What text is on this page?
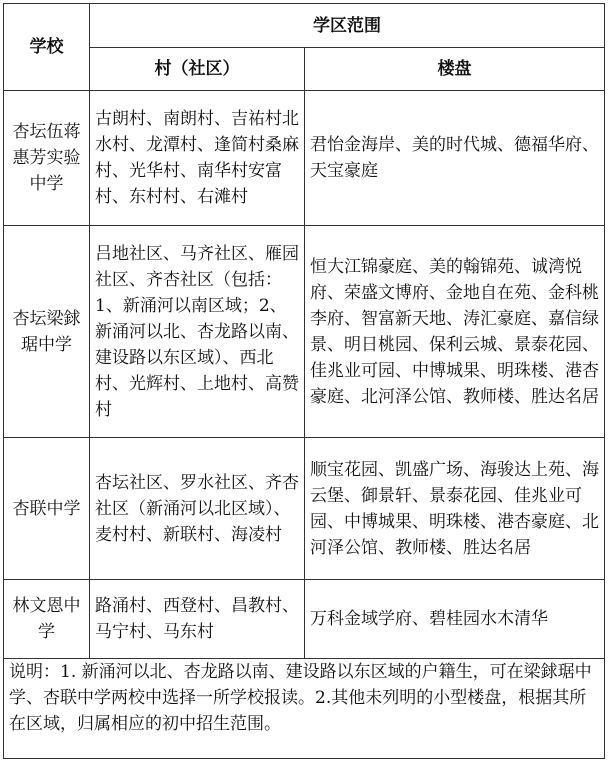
学校	学区范围	
	村（社区）	楼盘
杏坛伍蒋惠芳实验中学	古朗村、南朗村、吉祐村北水村、龙潭村、逢简村桑麻村、光华村、南华村安富村、东村村、右滩村	君怡金海岸、美的时代城、德福华府、天宝豪庭
杏坛梁銶琚中学	吕地社区、马齐社区、雁园社区、齐杏社区（包括：1、新涌河以南区域；2、新涌河以北、杏龙路以南、建设路以东区域）、西北村、光辉村、上地村、高赞村	恒大江锦豪庭、美的翰锦苑、诚湾悦府、荣盛文博府、金地自在苑、金科桃李府、智富新天地、涛汇豪庭、嘉信绿景、明日桃园、保利云城、景泰花园、佳兆业可园、中博城果、明珠楼、港杏豪庭、北河泽公馆、教师楼、胜达名居
杏联中学	杏坛社区、罗水社区、齐杏社区（新涌河以北区域）、麦村村、新联村、海凌村	顺宝花园、凯盛广场、海骏达上苑、海云堡、御景轩、景泰花园、佳兆业可园、中博城果、明珠楼、港杏豪庭、北河泽公馆、教师楼、胜达名居
林文恩中学	路涌村、西登村、昌教村、马宁村、马东村	万科金域学府、碧桂园水木清华
说明：1. 新涌河以北、杏龙路以南、建设路以东区域的户籍生，可在梁銶琚中学、杏联中学两校中选择一所学校报读。2.其他未列明的小型楼盘，根据其所在区域，归属相应的初中招生范围。		
